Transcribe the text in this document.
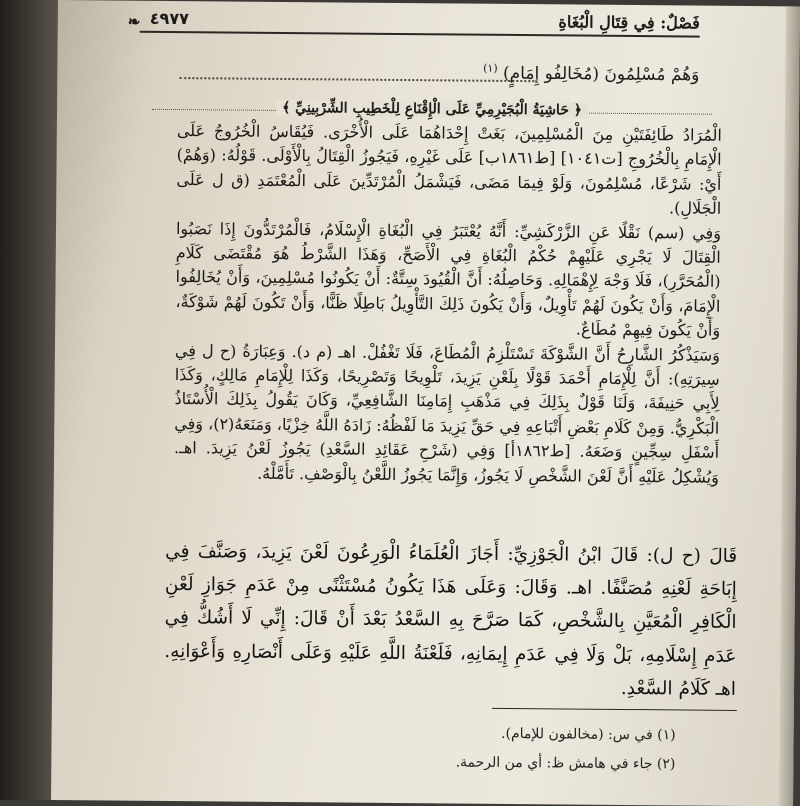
فَصْلٌ: فِي قِتَالِ الْبُغَاةِ
❧ ٤٩٧٧
وَهُمْ مُسْلِمُونَ (مُخَالِفُو إِمَامٍ) $^{(١)}$
﴿ حَاشِيَةُ الْبُجَيْرِمِيِّ عَلَى الْإِقْنَاعِ لِلْخَطِيبِ الشِّرْبِينِيِّ ﴾

الْمُرَادُ طَائِفَتَيْنِ مِنَ الْمُسْلِمِينَ، بَغَتْ إِحْدَاهُمَا عَلَى الْأُخْرَى. فَيُقَاسُ الْخُرُوجُ عَلَى الْإِمَامِ بِالْخُرُوجِ [ت١٠٤١] [ط١٨٦١ب] عَلَى غَيْرِهِ، فَيَجُوزُ الْقِتَالُ بِالْأَوْلَى. قَوْلُهُ: (وَهُمْ) أَيْ: شَرْعًا، مُسْلِمُونَ، وَلَوْ فِيمَا مَضَى، فَيَشْمَلُ الْمُرْتَدِّينَ عَلَى الْمُعْتَمَدِ (ق ل عَلَى الْجَلَالِ).

وَفِي (سم) نَقْلًا عَنِ الزَّرْكَشِيِّ: أَنَّهُ يُعْتَبَرُ فِي الْبُغَاةِ الْإِسْلَامُ، فَالْمُرْتَدُّونَ إِذَا نَصَبُوا الْقِتَالَ لَا يَجْرِي عَلَيْهِمْ حُكْمُ الْبُغَاةِ فِي الْأَصَحِّ، وَهَذَا الشَّرْطُ هُوَ مُقْتَضَى كَلَامِ (الْمُحَرَّرِ)، فَلَا وَجْهَ لِإِهْمَالِهِ. وَحَاصِلُهُ: أَنَّ الْقُيُودَ سِتَّةٌ: أَنْ يَكُونُوا مُسْلِمِينَ، وَأَنْ يُخَالِفُوا الْإِمَامَ، وَأَنْ يَكُونَ لَهُمْ تَأْوِيلٌ، وَأَنْ يَكُونَ ذَلِكَ التَّأْوِيلُ بَاطِلًا ظَنًّا، وَأَنْ تَكُونَ لَهُمْ شَوْكَةٌ، وَأَنْ يَكُونَ فِيهِمْ مُطَاعٌ.

وَسَيَذْكُرُ الشَّارِحُ أَنَّ الشَّوْكَةَ تَسْتَلْزِمُ الْمُطَاعَ، فَلَا تَغْفُلْ. اهـ (م د). وَعِبَارَةُ (ح ل فِي سِيرَتِهِ): أَنَّ لِلْإِمَامِ أَحْمَدَ قَوْلًا بِلَعْنِ يَزِيدَ، تَلْوِيحًا وَتَصْرِيحًا، وَكَذَا لِلْإِمَامِ مَالِكٍ، وَكَذَا لِأَبِي حَنِيفَةَ، وَلَنَا قَوْلٌ بِذَلِكَ فِي مَذْهَبِ إِمَامِنَا الشَّافِعِيِّ، وَكَانَ يَقُولُ بِذَلِكَ الْأُسْتَاذُ الْبَكْرِيُّ. وَمِنْ كَلَامِ بَعْضِ أَتْبَاعِهِ فِي حَقِّ يَزِيدَ مَا لَفْظُهُ: زَادَهُ اللَّهُ خِزْيًا، وَمَنَعَهُ(٢)، وَفِي أَسْفَلِ سِجِّينٍ وَضَعَهُ. [ط١٨٦٢أ] وَفِي (شَرْحِ عَقَائِدِ السَّعْدِ) يَجُوزُ لَعْنُ يَزِيدَ. اهـ. وَيُشْكِلُ عَلَيْهِ أَنَّ لَعْنَ الشَّخْصِ لَا يَجُوزُ، وَإِنَّمَا يَجُوزُ اللَّعْنُ بِالْوَصْفِ. تَأَمَّلْهُ.

قَالَ (ح ل): قَالَ ابْنُ الْجَوْزِيِّ: أَجَازَ الْعُلَمَاءُ الْوَرِعُونَ لَعْنَ يَزِيدَ، وَصَنَّفَ فِي إِبَاحَةِ لَعْنِهِ مُصَنَّفًا. اهـ. وَقَالَ: وَعَلَى هَذَا يَكُونُ مُسْتَثْنًى مِنْ عَدَمِ جَوَازِ لَعْنِ الْكَافِرِ الْمُعَيَّنِ بِالشَّخْصِ، كَمَا صَرَّحَ بِهِ السَّعْدُ بَعْدَ أَنْ قَالَ: إِنِّي لَا أَشُكُّ فِي عَدَمِ إِسْلَامِهِ، بَلْ وَلَا فِي عَدَمِ إِيمَانِهِ، فَلَعْنَةُ اللَّهِ عَلَيْهِ وَعَلَى أَنْصَارِهِ وَأَعْوَانِهِ. اهـ كَلَامُ السَّعْدِ.

(١) في س: (مخالفون للإمام).
(٢) جاء في هامش ظ: أي من الرحمة.
